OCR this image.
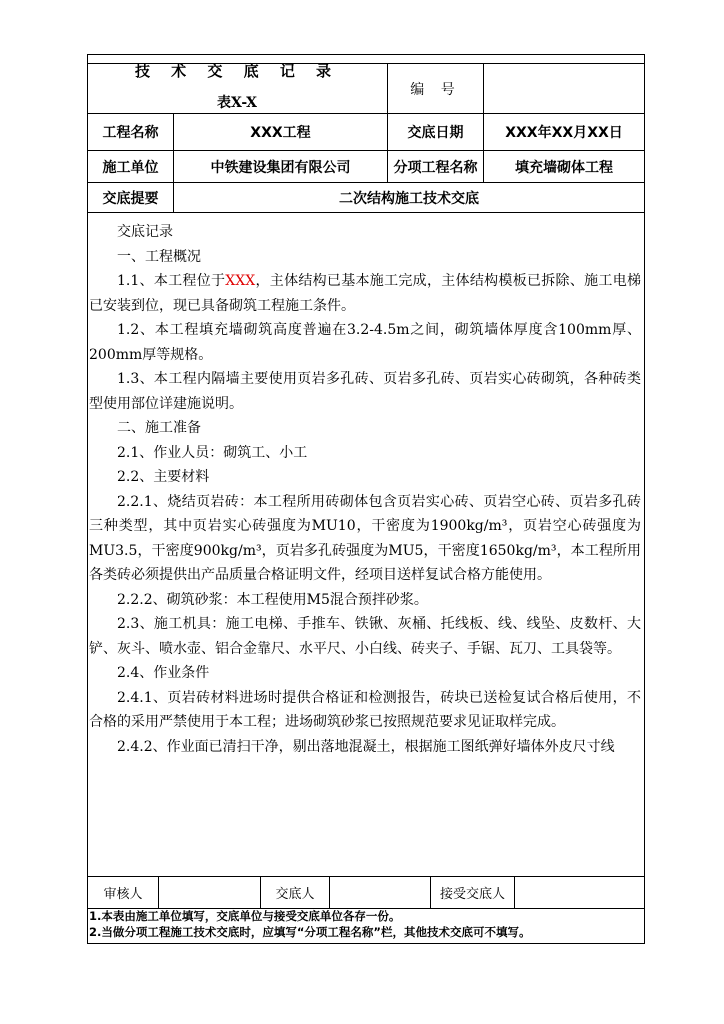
技 术 交 底 记 录
表X-X
编 号
工程名称	XXX工程	交底日期	XXX年XX月XX日
施工单位	中铁建设集团有限公司	分项工程名称	填充墙砌体工程
交底提要	二次结构施工技术交底

交底记录

一、工程概况

1.1、本工程位于XXX，主体结构已基本施工完成，主体结构模板已拆除、施工电梯已安装到位，现已具备砌筑工程施工条件。

1.2、本工程填充墙砌筑高度普遍在3.2-4.5m之间，砌筑墙体厚度含100mm厚、200mm厚等规格。

1.3、本工程内隔墙主要使用页岩多孔砖、页岩多孔砖、页岩实心砖砌筑，各种砖类型使用部位详建施说明。

二、施工准备

2.1、作业人员：砌筑工、小工

2.2、主要材料

2.2.1、烧结页岩砖：本工程所用砖砌体包含页岩实心砖、页岩空心砖、页岩多孔砖三种类型，其中页岩实心砖强度为MU10，干密度为1900kg/m³，页岩空心砖强度为MU3.5，干密度900kg/m³，页岩多孔砖强度为MU5，干密度1650kg/m³，本工程所用各类砖必须提供出产品质量合格证明文件，经项目送样复试合格方能使用。

2.2.2、砌筑砂浆：本工程使用M5混合预拌砂浆。

2.3、施工机具：施工电梯、手推车、铁锹、灰桶、托线板、线、线坠、皮数杆、大铲、灰斗、喷水壶、铝合金靠尺、水平尺、小白线、砖夹子、手锯、瓦刀、工具袋等。

2.4、作业条件

2.4.1、页岩砖材料进场时提供合格证和检测报告，砖块已送检复试合格后使用，不合格的采用严禁使用于本工程；进场砌筑砂浆已按照规范要求见证取样完成。

2.4.2、作业面已清扫干净，剔出落地混凝土，根据施工图纸弹好墙体外皮尺寸线

审核人	交底人	接受交底人
1.本表由施工单位填写，交底单位与接受交底单位各存一份。
2.当做分项工程施工技术交底时，应填写“分项工程名称”栏，其他技术交底可不填写。
